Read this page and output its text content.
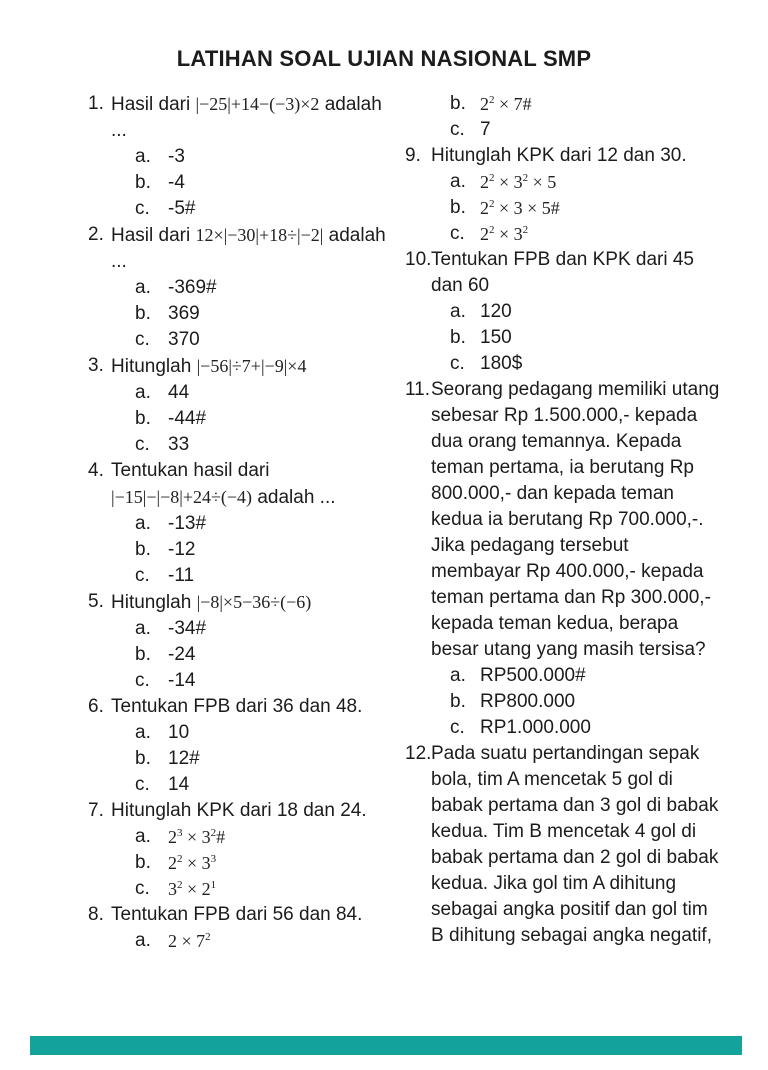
LATIHAN SOAL UJIAN NASIONAL SMP
1. Hasil dari |−25|+14−(−3)×2 adalah
...
a. -3
b. -4
c. -5#
2. Hasil dari 12×|−30|+18÷|−2| adalah
...
a. -369#
b. 369
c. 370
3. Hitunglah |−56|÷7+|−9|×4
a. 44
b. -44#
c. 33
4. Tentukan hasil dari
|−15|−|−8|+24÷(−4) adalah ...
a. -13#
b. -12
c. -11
5. Hitunglah |−8|×5−36÷(−6)
a. -34#
b. -24
c. -14
6. Tentukan FPB dari 36 dan 48.
a. 10
b. 12#
c. 14
7. Hitunglah KPK dari 18 dan 24.
a. $2^3$ × $3^2\#$
b. $2^2 \times 3^3$
c.	$3^2 \times 2^1$
8. Tentukan FPB dari 56 dan 84.
a. $2 \times 7^2$
b. $2^2$ × 7#
c. 7
9. Hitunglah KPK dari 12 dan 30.
a. $2^2 \times 3^2 \times 5$
b. $2^2 \times 3$ × 5#
c. $2^2 \times 3^2$
10. Tentukan FPB dan KPK dari 45 dan 60
a. 120
b. 150
c. 180$
11. Seorang pedagang memiliki utang sebesar Rp 1.500.000,- kepada dua orang temannya. Kepada teman pertama, ia berutang Rp 800.000,- dan kepada teman kedua ia berutang Rp 700.000,-. Jika pedagang tersebut membayar Rp 400.000,- kepada teman pertama dan Rp 300.000,- kepada teman kedua, berapa besar utang yang masih tersisa?
a. RP500.000#
b. RP800.000
c. RP1.000.000
12. Pada suatu pertandingan sepak bola, tim A mencetak 5 gol di babak pertama dan 3 gol di babak kedua. Tim B mencetak 4 gol di babak pertama dan 2 gol di babak kedua. Jika gol tim A dihitung sebagai angka positif dan gol tim B dihitung sebagai angka negatif,
